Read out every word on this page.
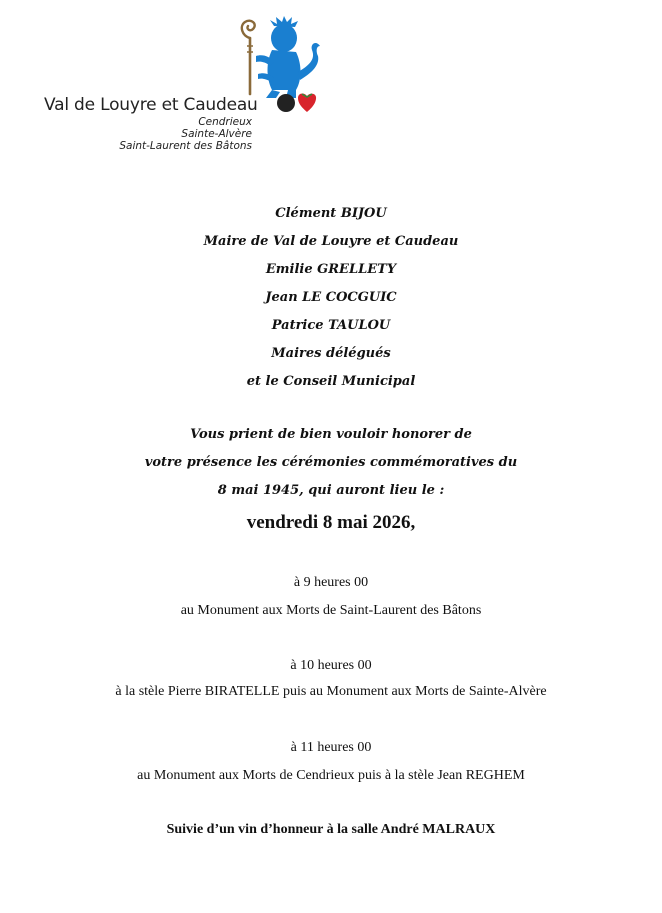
Val de Louyre et Caudeau
Cendrieux
Sainte-Alvère
Saint-Laurent des Bâtons
Clément BIJOU
Maire de Val de Louyre et Caudeau
Emilie GRELLETY
Jean LE COCGUIC
Patrice TAULOU
Maires délégués
et le Conseil Municipal
Vous prient de bien vouloir honorer de
votre présence les cérémonies commémoratives du
8 mai 1945, qui auront lieu le :
vendredi 8 mai 2026,
à 9 heures 00
au Monument aux Morts de Saint-Laurent des Bâtons
à 10 heures 00
à la stèle Pierre BIRATELLE puis au Monument aux Morts de Sainte-Alvère
à 11 heures 00
au Monument aux Morts de Cendrieux puis à la stèle Jean REGHEM
Suivie d’un vin d’honneur à la salle André MALRAUX
